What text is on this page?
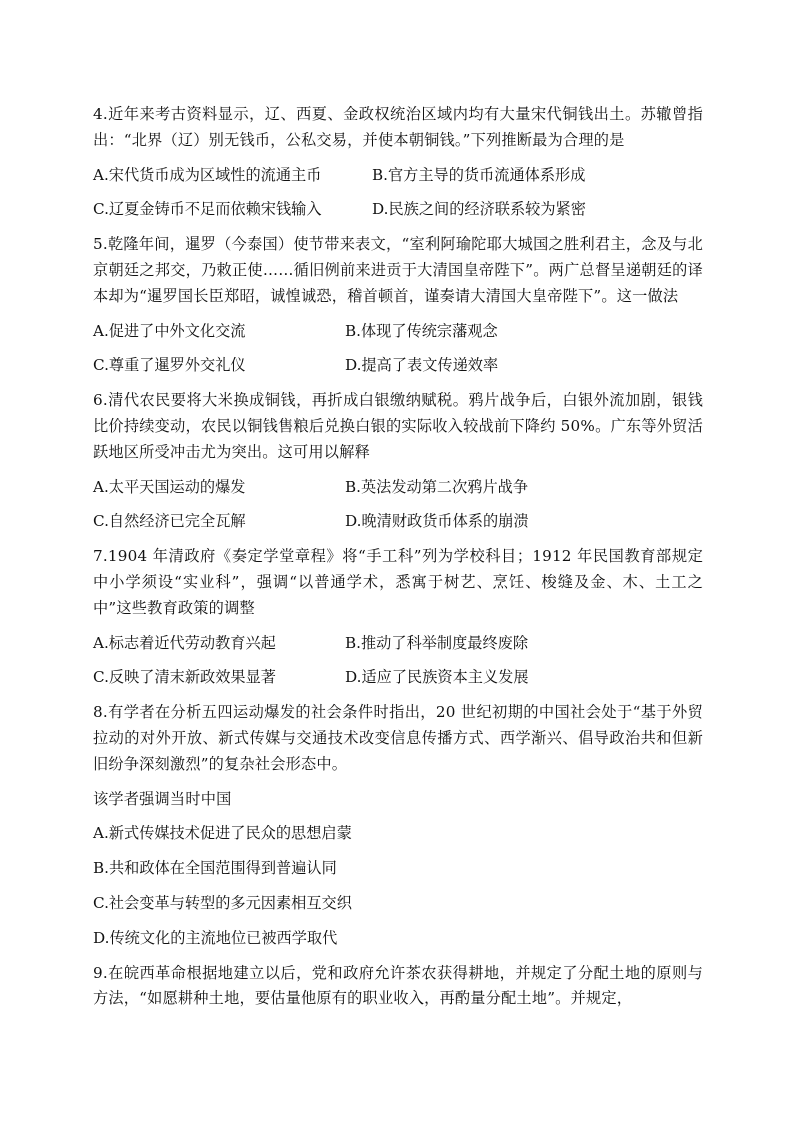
4.近年来考古资料显示，辽、西夏、金政权统治区域内均有大量宋代铜钱出土。苏辙曾指出：“北界（辽）别无钱币，公私交易，并使本朝铜钱。”下列推断最为合理的是

A.宋代货币成为区域性的流通主币	B.官方主导的货币流通体系形成
C.辽夏金铸币不足而依赖宋钱输入	D.民族之间的经济联系较为紧密

5.乾隆年间，暹罗（今泰国）使节带来表文，“室利阿瑜陀耶大城国之胜利君主，念及与北京朝廷之邦交，乃敕正使……循旧例前来进贡于大清国皇帝陛下”。两广总督呈递朝廷的译本却为“暹罗国长臣郑昭，诚惶诚恐，稽首顿首，谨奏请大清国大皇帝陛下”。这一做法

A.促进了中外文化交流	B.体现了传统宗藩观念
C.尊重了暹罗外交礼仪	D.提高了表文传递效率

6.清代农民要将大米换成铜钱，再折成白银缴纳赋税。鸦片战争后，白银外流加剧，银钱比价持续变动，农民以铜钱售粮后兑换白银的实际收入较战前下降约 50%。广东等外贸活跃地区所受冲击尤为突出。这可用以解释

A.太平天国运动的爆发	B.英法发动第二次鸦片战争
C.自然经济已完全瓦解	D.晚清财政货币体系的崩溃

7.1904 年清政府《奏定学堂章程》将“手工科”列为学校科目；1912 年民国教育部规定中小学须设“实业科”，强调“以普通学术，悉寓于树艺、烹饪、梭缝及金、木、土工之中”这些教育政策的调整

A.标志着近代劳动教育兴起	B.推动了科举制度最终废除
C.反映了清末新政效果显著	D.适应了民族资本主义发展

8.有学者在分析五四运动爆发的社会条件时指出，20 世纪初期的中国社会处于“基于外贸拉动的对外开放、新式传媒与交通技术改变信息传播方式、西学渐兴、倡导政治共和但新旧纷争深刻激烈”的复杂社会形态中。

该学者强调当时中国

A.新式传媒技术促进了民众的思想启蒙
B.共和政体在全国范围得到普遍认同
C.社会变革与转型的多元因素相互交织
D.传统文化的主流地位已被西学取代

9.在皖西革命根据地建立以后，党和政府允许茶农获得耕地，并规定了分配土地的原则与方法，“如愿耕种土地，要估量他原有的职业收入，再酌量分配土地”。并规定，
